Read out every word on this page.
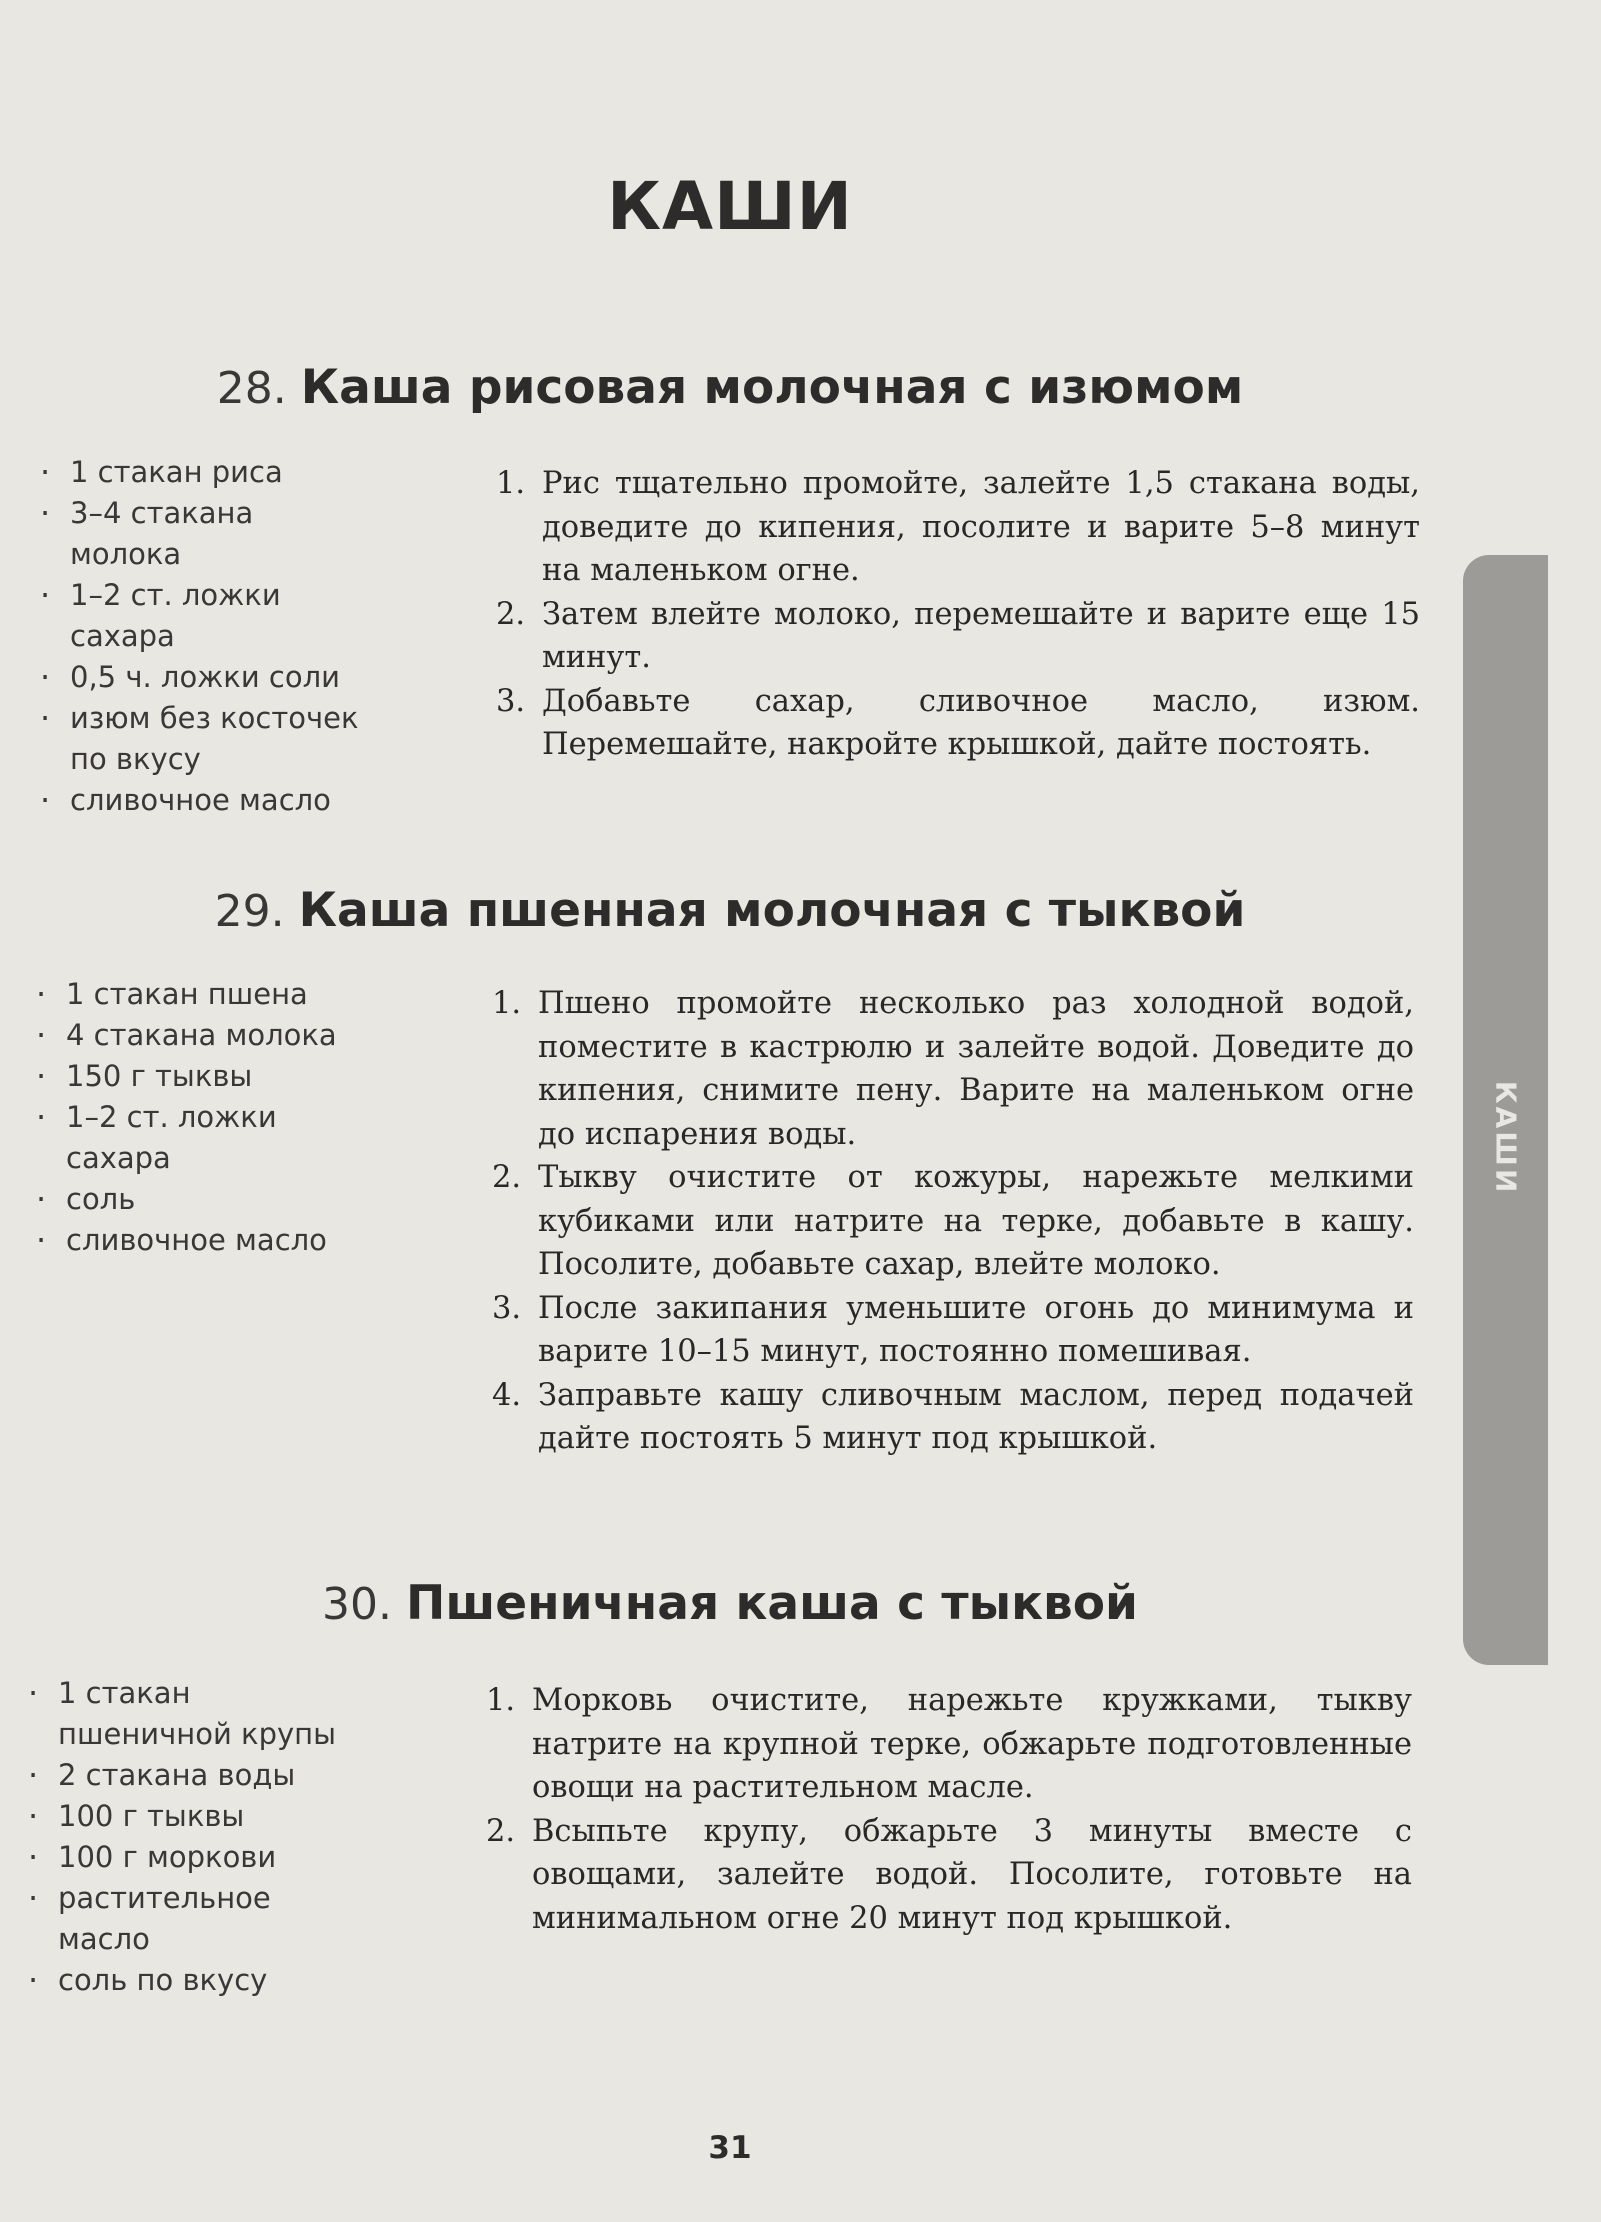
КАШИ
28. Каша рисовая молочная с изюмом
· 1 стакан риса
· 3–4 стакана молока
· 1–2 ст. ложки сахара
· 0,5 ч. ложки соли
· изюм без косточек по вкусу
· сливочное масло
1. Рис тщательно промойте, залейте 1,5 стакана воды, доведите до кипения, посолите и варите 5–8 минут на маленьком огне.
2. Затем влейте молоко, перемешайте и варите еще 15 минут.
3. Добавьте сахар, сливочное масло, изюм. Перемешайте, накройте крышкой, дайте постоять.
29. Каша пшенная молочная с тыквой
· 1 стакан пшена
· 4 стакана молока
· 150 г тыквы
· 1–2 ст. ложки сахара
· соль
· сливочное масло
1. Пшено промойте несколько раз холодной водой, поместите в кастрюлю и залейте водой. Доведите до кипения, снимите пену. Варите на маленьком огне до испарения воды.
2. Тыкву очистите от кожуры, нарежьте мелкими кубиками или натрите на терке, добавьте в кашу. Посолите, добавьте сахар, влейте молоко.
3. После закипания уменьшите огонь до минимума и варите 10–15 минут, постоянно помешивая.
4. Заправьте кашу сливочным маслом, перед подачей дайте постоять 5 минут под крышкой.
30. Пшеничная каша с тыквой
· 1 стакан пшеничной крупы
· 2 стакана воды
· 100 г тыквы
· 100 г моркови
· растительное масло
· соль по вкусу
1. Морковь очистите, нарежьте кружками, тыкву натрите на крупной терке, обжарьте подготовленные овощи на растительном масле.
2. Всыпьте крупу, обжарьте 3 минуты вместе с овощами, залейте водой. Посолите, готовьте на минимальном огне 20 минут под крышкой.
КАШИ
31
